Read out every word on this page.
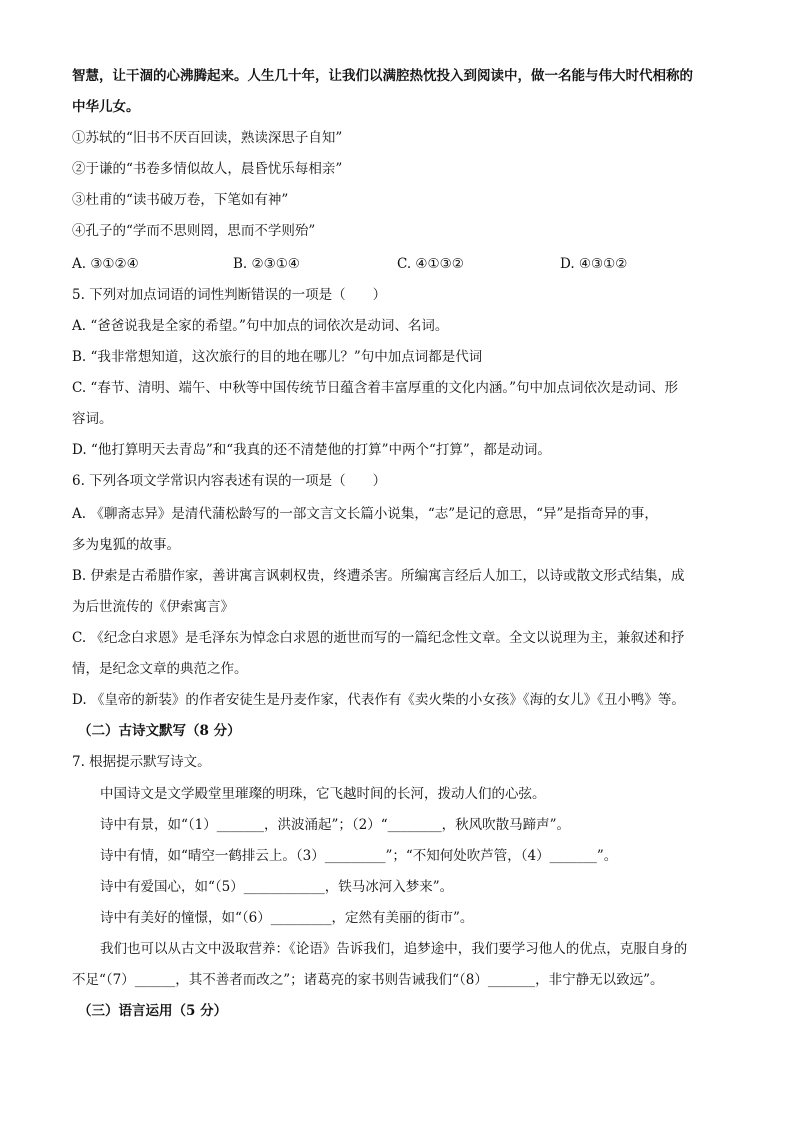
智慧，让干涸的心沸腾起来。人生几十年，让我们以满腔热忱投入到阅读中，做一名能与伟大时代相称的
中华儿女。
①苏轼的“旧书不厌百回读，熟读深思子自知”
②于谦的“书卷多情似故人，晨昏忧乐每相亲”
③杜甫的“读书破万卷，下笔如有神”
④孔子的“学而不思则罔，思而不学则殆”
A. ③①②④	B. ②③①④	C. ④①③②	D. ④③①②
5. 下列对加点词语的词性判断错误的一项是（　　）
A. “爸爸说我是全家的希望。”句中加点的词依次是动词、名词。
B. “我非常想知道，这次旅行的目的地在哪儿？”句中加点词都是代词
C. “春节、清明、端午、中秋等中国传统节日蕴含着丰富厚重的文化内涵。”句中加点词依次是动词、形
容词。
D. “他打算明天去青岛”和“我真的还不清楚他的打算”中两个“打算”，都是动词。
6. 下列各项文学常识内容表述有误的一项是（　　）
A. 《聊斋志异》是清代蒲松龄写的一部文言文长篇小说集，“志”是记的意思，“异”是指奇异的事，
多为鬼狐的故事。
B. 伊索是古希腊作家，善讲寓言讽刺权贵，终遭杀害。所编寓言经后人加工，以诗或散文形式结集，成
为后世流传的《伊索寓言》
C. 《纪念白求恩》是毛泽东为悼念白求恩的逝世而写的一篇纪念性文章。全文以说理为主，兼叙述和抒
情，是纪念文章的典范之作。
D. 《皇帝的新装》的作者安徒生是丹麦作家，代表作有《卖火柴的小女孩》《海的女儿》《丑小鸭》等。
（二）古诗文默写（8 分）
7. 根据提示默写诗文。
中国诗文是文学殿堂里璀璨的明珠，它飞越时间的长河，拨动人们的心弦。
诗中有景，如“（1）_______，洪波涌起”；（2）“________，秋风吹散马蹄声”。
诗中有情，如“晴空一鹤排云上。（3）_________”；“不知何处吹芦管，（4）_______”。
诗中有爱国心，如“（5）____________，铁马冰河入梦来”。
诗中有美好的憧憬，如“（6）_________，定然有美丽的街市”。
我们也可以从古文中汲取营养：《论语》告诉我们，追梦途中，我们要学习他人的优点，克服自身的
不足“（7）______，其不善者而改之”；诸葛亮的家书则告诫我们“（8）_______，非宁静无以致远”。
（三）语言运用（5 分）
